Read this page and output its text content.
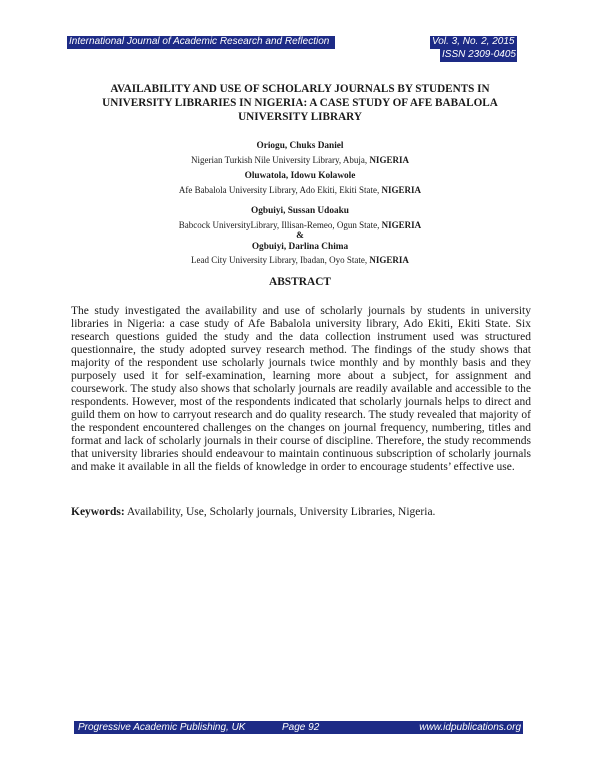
International Journal of Academic Research and Reflection	Vol. 3, No. 2, 2015
ISSN 2309-0405
AVAILABILITY AND USE OF SCHOLARLY JOURNALS BY STUDENTS IN
UNIVERSITY LIBRARIES IN NIGERIA: A CASE STUDY OF AFE BABALOLA
UNIVERSITY LIBRARY
Oriogu, Chuks Daniel
Nigerian Turkish Nile University Library, Abuja, NIGERIA
Oluwatola, Idowu Kolawole
Afe Babalola University Library, Ado Ekiti, Ekiti State, NIGERIA
Ogbuiyi, Sussan Udoaku
Babcock UniversityLibrary, Illisan-Remeo, Ogun State, NIGERIA
&
Ogbuiyi, Darlina Chima
Lead City University Library, Ibadan, Oyo State, NIGERIA
ABSTRACT

The study investigated the availability and use of scholarly journals by students in university libraries in Nigeria: a case study of Afe Babalola university library, Ado Ekiti, Ekiti State. Six research questions guided the study and the data collection instrument used was structured questionnaire, the study adopted survey research method. The findings of the study shows that majority of the respondent use scholarly journals twice monthly and by monthly basis and they purposely used it for self-examination, learning more about a subject, for assignment and coursework. The study also shows that scholarly journals are readily available and accessible to the respondents. However, most of the respondents indicated that scholarly journals helps to direct and guild them on how to carryout research and do quality research. The study revealed that majority of the respondent encountered challenges on the changes on journal frequency, numbering, titles and format and lack of scholarly journals in their course of discipline. Therefore, the study recommends that university libraries should endeavour to maintain continuous subscription of scholarly journals and make it available in all the fields of knowledge in order to encourage students’ effective use.

Keywords: Availability, Use, Scholarly journals, University Libraries, Nigeria.

Progressive Academic Publishing, UK	Page 92	www.idpublications.org
